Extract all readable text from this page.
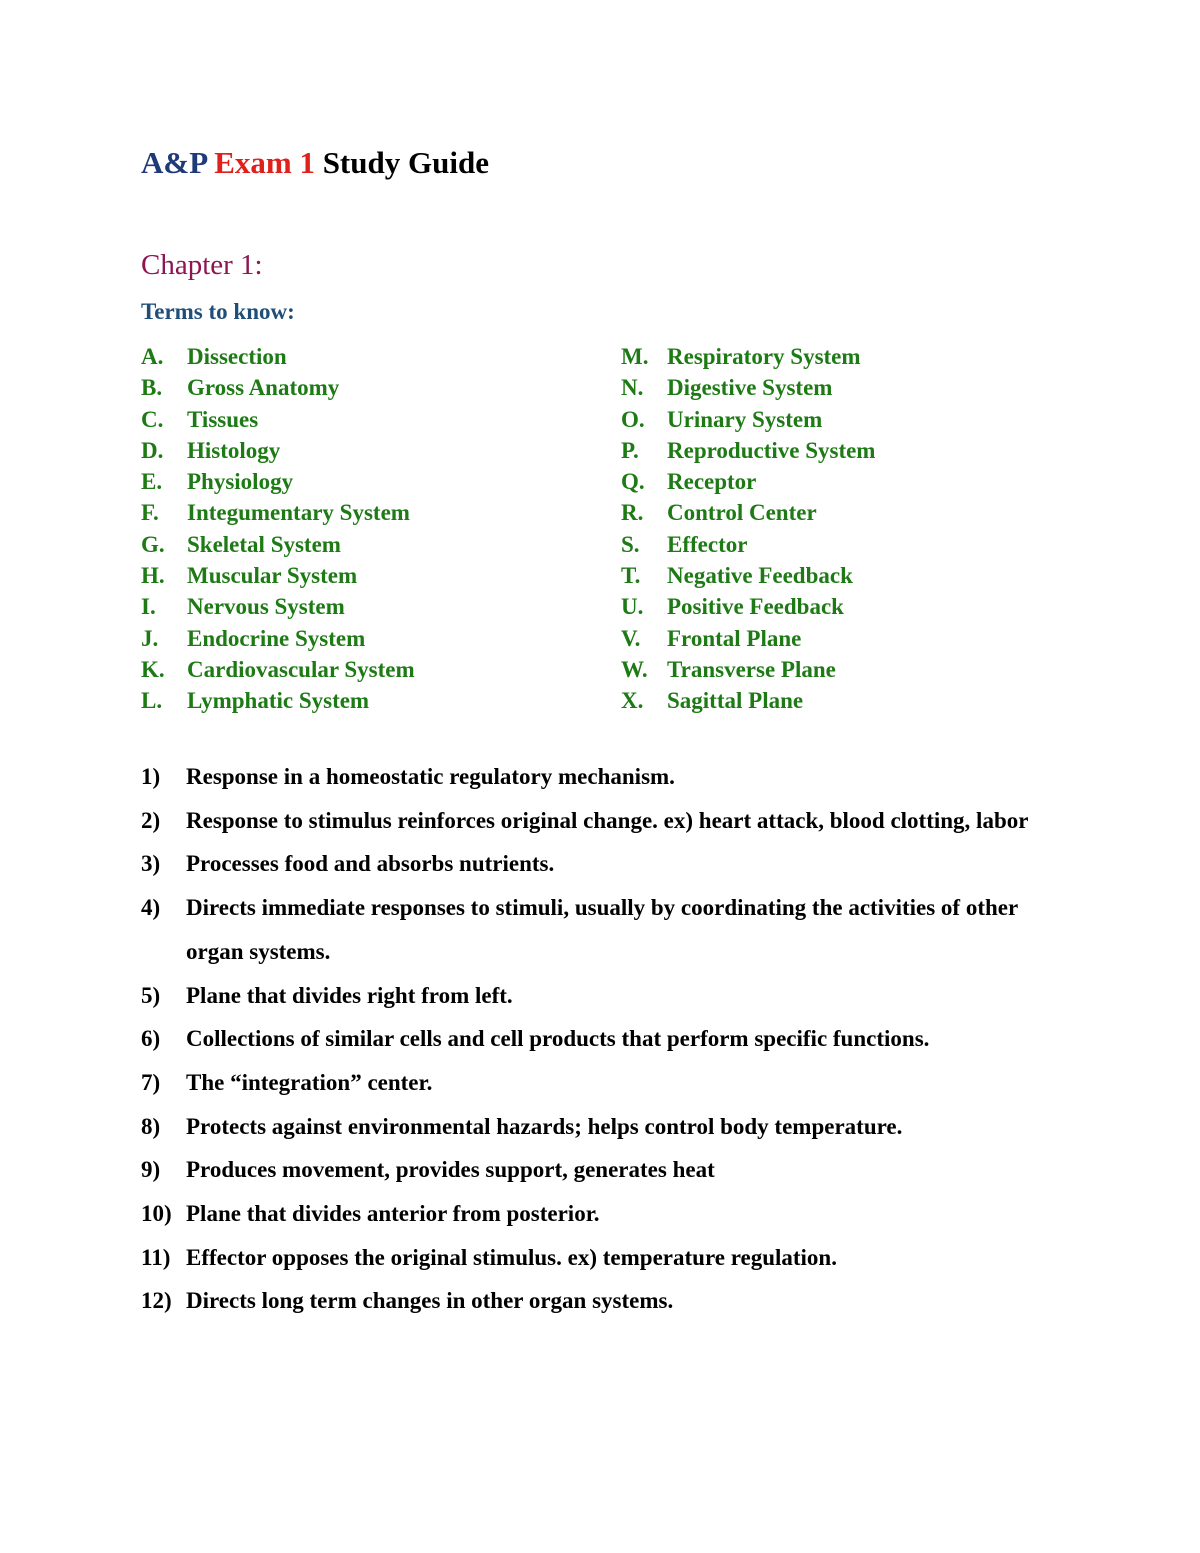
A&P Exam 1 Study Guide
Chapter 1:
Terms to know:
A. Dissection
B. Gross Anatomy
C. Tissues
D. Histology
E. Physiology
F. Integumentary System
G. Skeletal System
H. Muscular System
I. Nervous System
J. Endocrine System
K. Cardiovascular System
L. Lymphatic System
M. Respiratory System
N. Digestive System
O. Urinary System
P. Reproductive System
Q. Receptor
R. Control Center
S. Effector
T. Negative Feedback
U. Positive Feedback
V. Frontal Plane
W. Transverse Plane
X. Sagittal Plane
1) Response in a homeostatic regulatory mechanism.
2) Response to stimulus reinforces original change. ex) heart attack, blood clotting, labor
3) Processes food and absorbs nutrients.
4) Directs immediate responses to stimuli, usually by coordinating the activities of other organ systems.
5) Plane that divides right from left.
6) Collections of similar cells and cell products that perform specific functions.
7) The “integration” center.
8) Protects against environmental hazards; helps control body temperature.
9) Produces movement, provides support, generates heat
10) Plane that divides anterior from posterior.
11) Effector opposes the original stimulus. ex) temperature regulation.
12) Directs long term changes in other organ systems.
